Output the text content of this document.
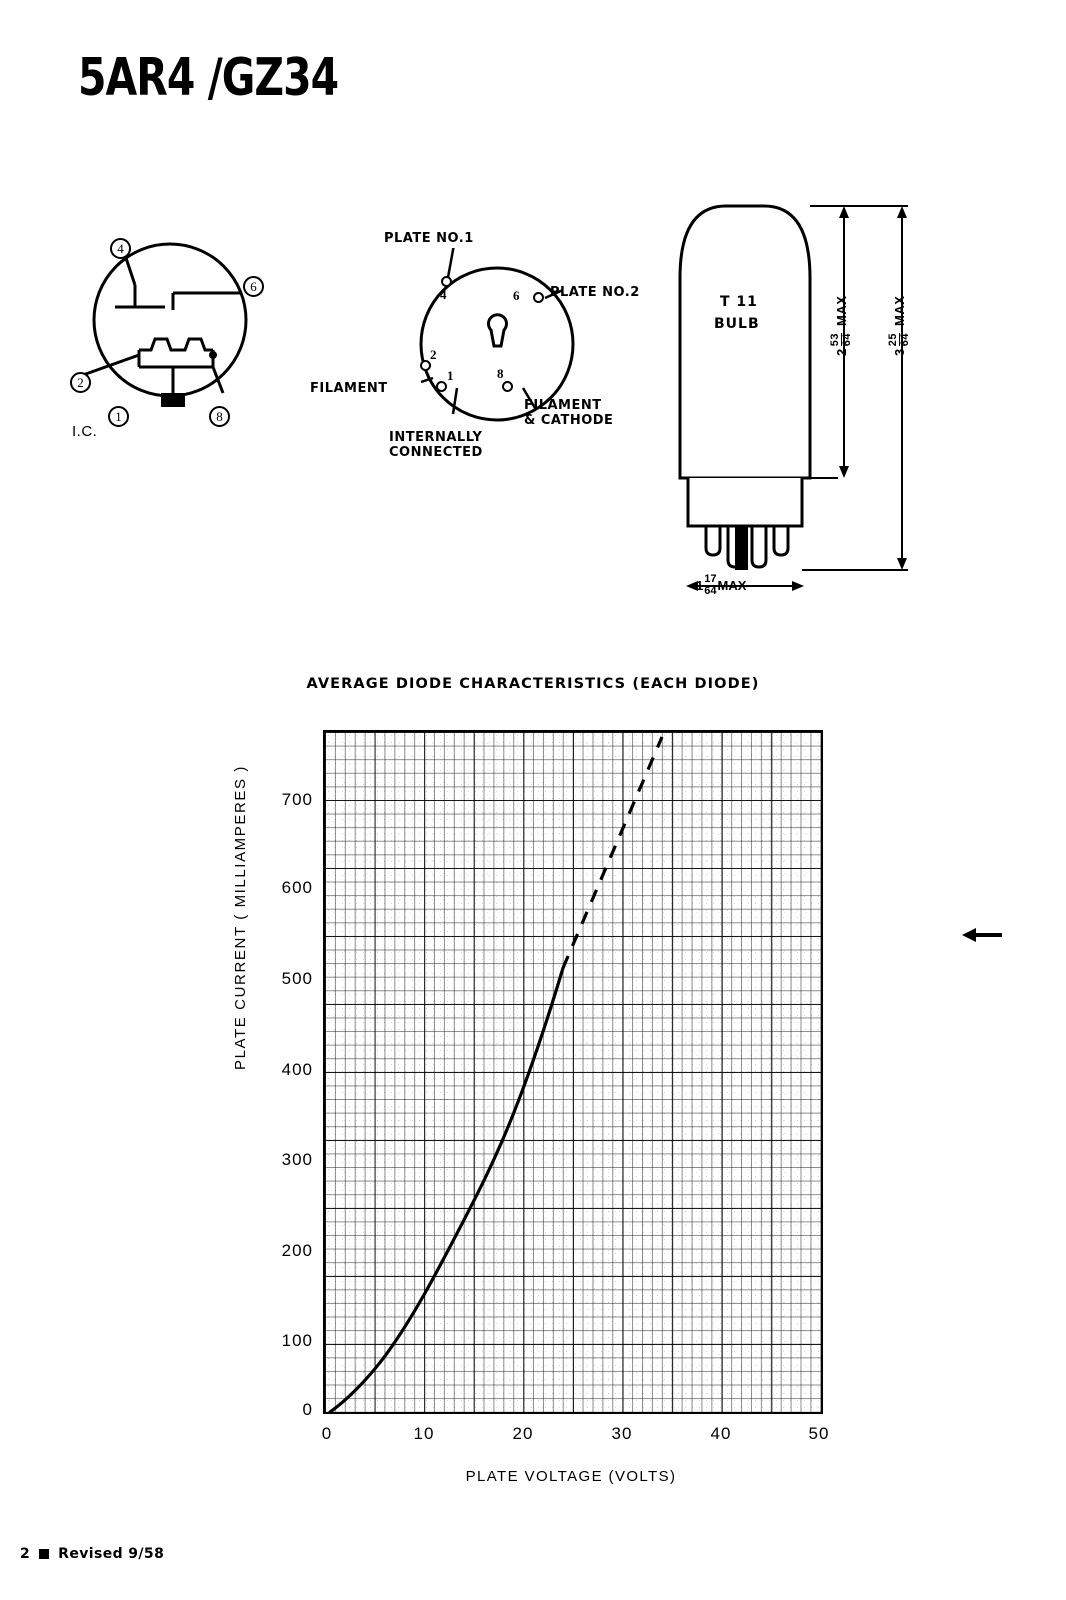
5AR4 /GZ34
4
6
2
1	8
I.C.
4	6
2
1	8
PLATE NO.1
PLATE NO.2
FILAMENT
FILAMENT
& CATHODE
INTERNALLY
CONNECTED
T 11
BULB
2
53 64
MAX
3
25 64
MAX
1 17
64 MAX
AVERAGE DIODE CHARACTERISTICS (EACH DIODE)
700
600
500
400
300
200
100
0
0	10	20	30	40	50
PLATE CURRENT ( MILLIAMPERES )
PLATE VOLTAGE (VOLTS)
2 Revised 9/58
